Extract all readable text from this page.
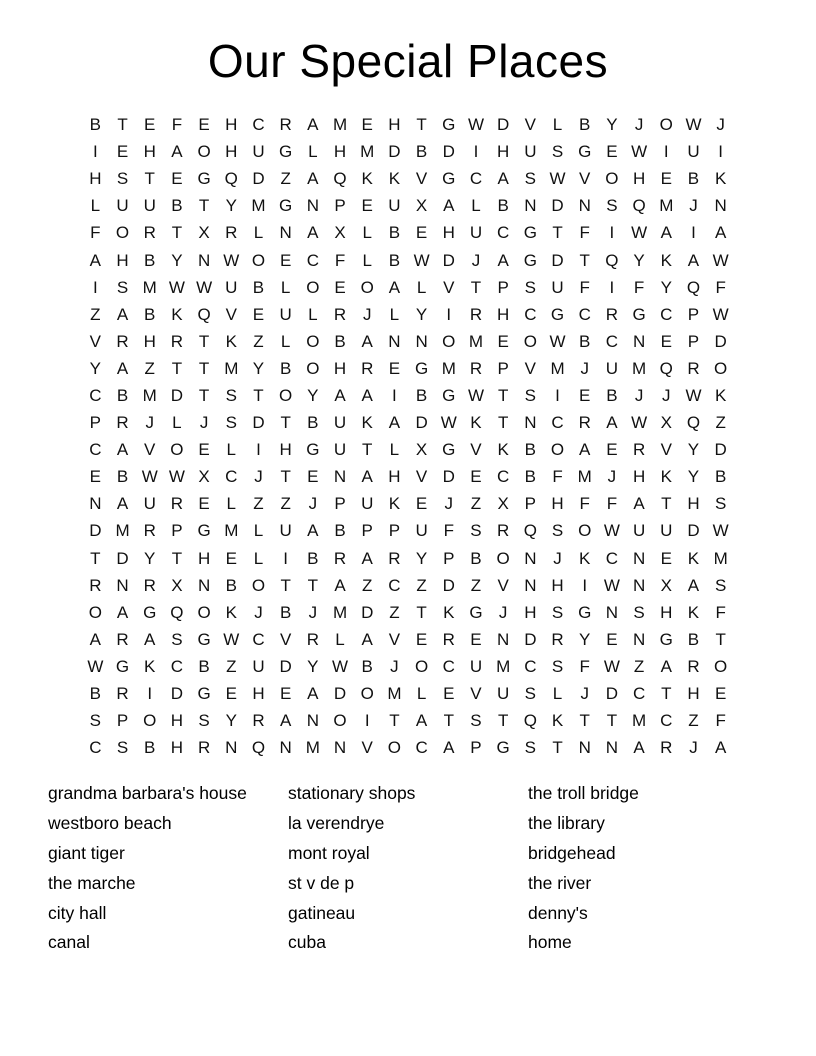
Our Special Places
B T E F E H C R A M E H T G W D V L B Y	J O W J
I	E H A O H U G L H M D B D	I	H U S G E W I	U	I
H S T E G Q D Z A Q K K V G C A S W V O H E B K
L U U B T Y M G N P E U X A L B N D N S Q M J N
F O R T X R L N A X L B E H U C G T F	I W A	I	A
A H B Y N W O E C F	L B W D J	A G D T Q Y K A W
I	S M W W U B L O E O A L V T P S U F	I	F Y Q F
Z A B K Q V E U L R J	L Y	I	R H C G C R G C P W
V R H R T K Z	L O B A N N O M E O W B C N E P D
Y A Z T T M Y B O H R E G M R P V M J U M Q R O
C B M D T S T O Y A A	I	B G W T S	I	E B	J	J W K
P R J	L	J	S D T B U K A D W K T N C R A W X Q Z
C A V O E L	I	H G U T	L X G V K B O A E R V Y D
E B W W X C J	T E N A H V D E C B F M J H K Y B
N A U R E L	Z Z	J	P U K E	J	Z X P H F F A T H S
D M R P G M L U A B P P U F S R Q S O W U U D W
T D Y T H E L	I	B R A R Y P B O N J	K C N E K M
R N R X N B O T T A Z C Z D Z V N H	I W N X A S
O A G Q O K	J	B	J M D Z T K G J H S G N S H K F
A R A S G W C V R L A V E R E N D R Y E N G B T
W G K C B Z U D Y W B	J O C U M C S F W Z A R O
B R	I	D G E H E A D O M L E V U S L	J D C T H E
S P O H S Y R A N O	I	T A T S T Q K T T M C Z F
C S B H R N Q N M N V O C A P G S T N N A R J	A
grandma barbara's house
westboro beach
giant tiger
the marche
city hall
canal
stationary shops
la verendrye
mont royal
st v de p
gatineau
cuba
the troll bridge
the library
bridgehead
the river
denny's
home
